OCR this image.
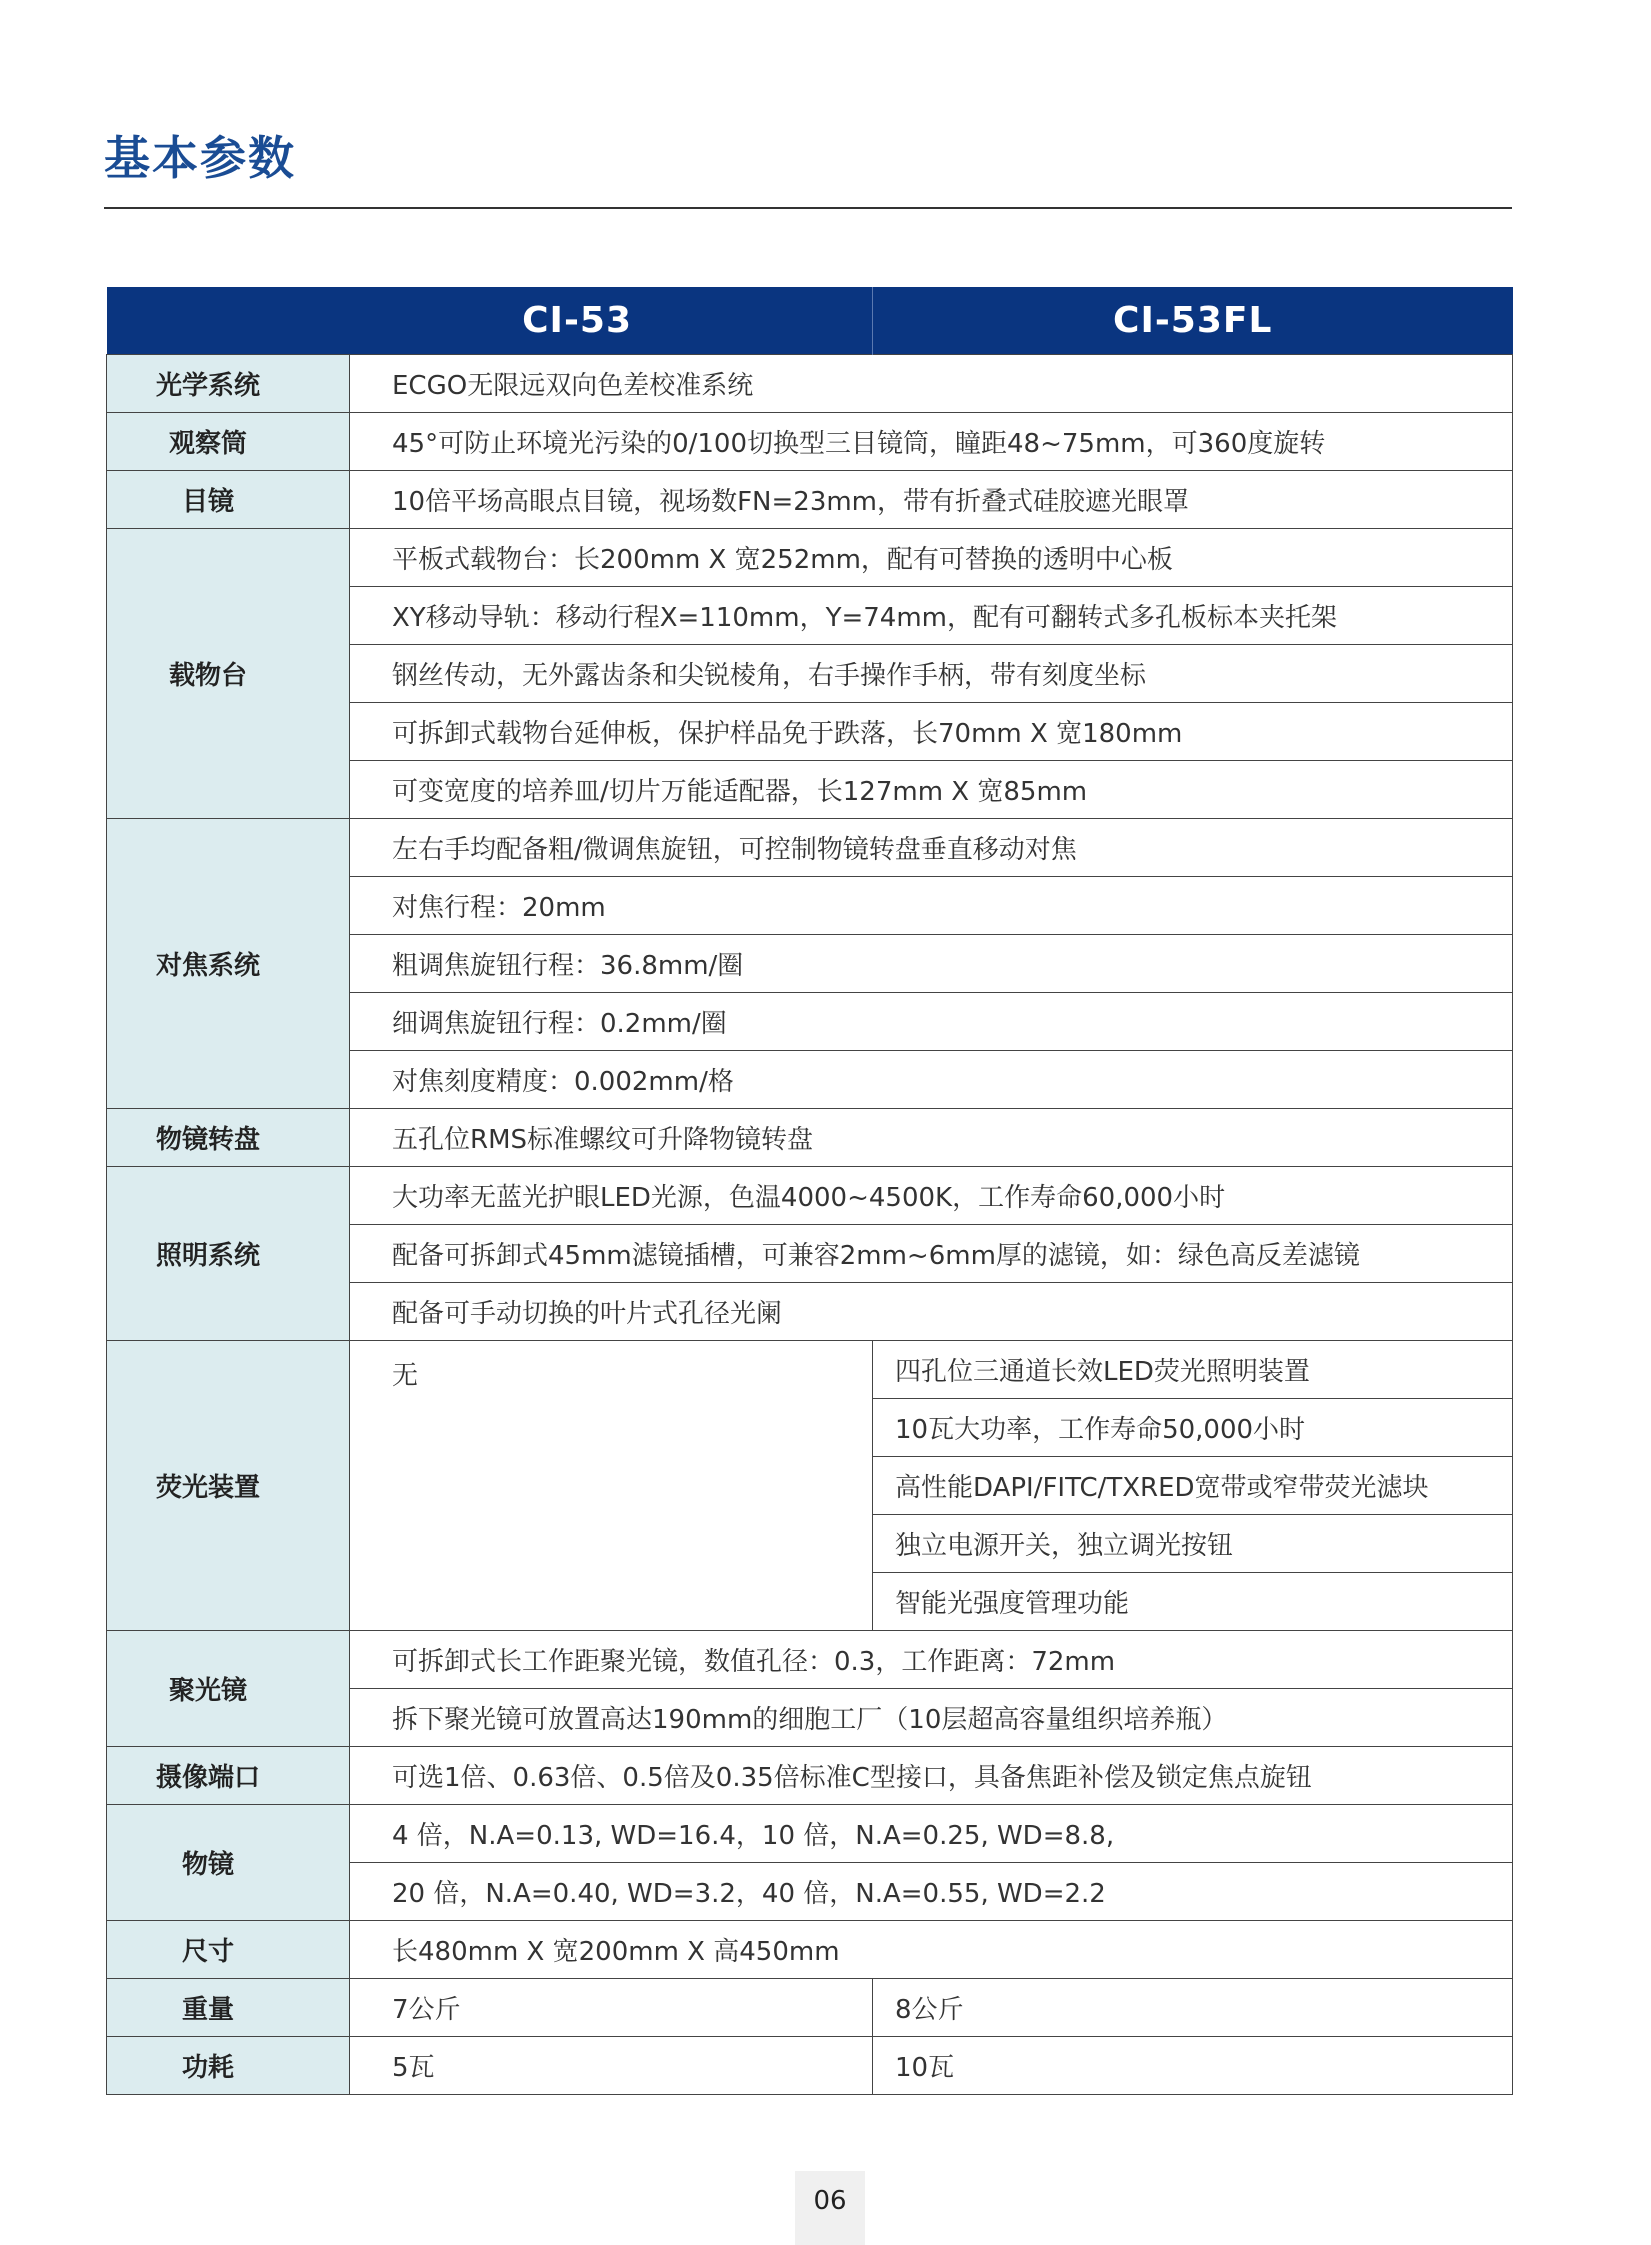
基本参数
	CI-53	CI-53FL
光学系统	ECGO无限远双向色差校准系统	
观察筒	45°可防止环境光污染的0/100切换型三目镜筒，瞳距48~75mm，可360度旋转	
目镜	10倍平场高眼点目镜，视场数FN=23mm，带有折叠式硅胶遮光眼罩	
载物台	平板式载物台：长200mm X 宽252mm，配有可替换的透明中心板	
	XY移动导轨：移动行程X=110mm，Y=74mm，配有可翻转式多孔板标本夹托架	
	钢丝传动，无外露齿条和尖锐棱角，右手操作手柄，带有刻度坐标	
	可拆卸式载物台延伸板，保护样品免于跌落，长70mm X 宽180mm	
	可变宽度的培养皿/切片万能适配器，长127mm X 宽85mm	
对焦系统	左右手均配备粗/微调焦旋钮，可控制物镜转盘垂直移动对焦	
	对焦行程：20mm	
	粗调焦旋钮行程：36.8mm/圈	
	细调焦旋钮行程：0.2mm/圈	
	对焦刻度精度：0.002mm/格	
物镜转盘	五孔位RMS标准螺纹可升降物镜转盘	
照明系统	大功率无蓝光护眼LED光源，色温4000~4500K，工作寿命60,000小时	
	配备可拆卸式45mm滤镜插槽，可兼容2mm~6mm厚的滤镜，如：绿色高反差滤镜	
	配备可手动切换的叶片式孔径光阑	
荧光装置	无	四孔位三通道长效LED荧光照明装置
		10瓦大功率，工作寿命50,000小时
		高性能DAPI/FITC/TXRED宽带或窄带荧光滤块
		独立电源开关，独立调光按钮
		智能光强度管理功能
聚光镜	可拆卸式长工作距聚光镜，数值孔径：0.3，工作距离：72mm	
	拆下聚光镜可放置高达190mm的细胞工厂（10层超高容量组织培养瓶）	
摄像端口	可选1倍、0.63倍、0.5倍及0.35倍标准C型接口，具备焦距补偿及锁定焦点旋钮	
物镜	4 倍，N.A=0.13, WD=16.4，10 倍，N.A=0.25, WD=8.8,	
	20 倍，N.A=0.40, WD=3.2，40 倍，N.A=0.55, WD=2.2	
尺寸	长480mm X 宽200mm X 高450mm	
重量	7公斤	8公斤
功耗	5瓦	10瓦
06
